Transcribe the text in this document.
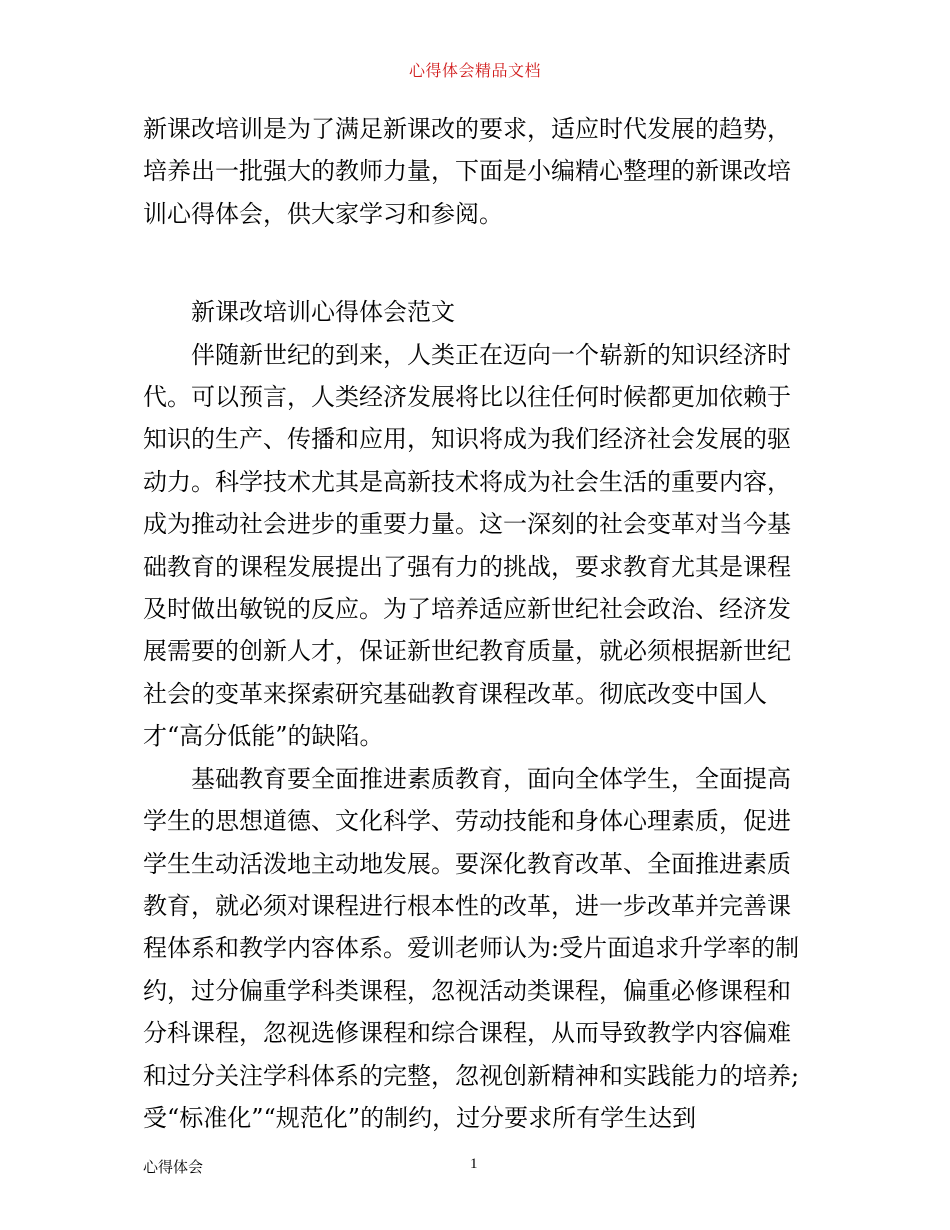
心得体会精品文档

新课改培训是为了满足新课改的要求，适应时代发展的趋势，培养出一批强大的教师力量，下面是小编精心整理的新课改培训心得体会，供大家学习和参阅。

新课改培训心得体会范文

伴随新世纪的到来，人类正在迈向一个崭新的知识经济时代。可以预言，人类经济发展将比以往任何时候都更加依赖于知识的生产、传播和应用，知识将成为我们经济社会发展的驱动力。科学技术尤其是高新技术将成为社会生活的重要内容，成为推动社会进步的重要力量。这一深刻的社会变革对当今基础教育的课程发展提出了强有力的挑战，要求教育尤其是课程及时做出敏锐的反应。为了培养适应新世纪社会政治、经济发展需要的创新人才，保证新世纪教育质量，就必须根据新世纪社会的变革来探索研究基础教育课程改革。彻底改变中国人才“高分低能”的缺陷。

基础教育要全面推进素质教育，面向全体学生，全面提高学生的思想道德、文化科学、劳动技能和身体心理素质，促进学生生动活泼地主动地发展。要深化教育改革、全面推进素质教育，就必须对课程进行根本性的改革，进一步改革并完善课程体系和教学内容体系。爱训老师认为:受片面追求升学率的制约，过分偏重学科类课程，忽视活动类课程，偏重必修课程和分科课程，忽视选修课程和综合课程，从而导致教学内容偏难和过分关注学科体系的完整，忽视创新精神和实践能力的培养;受“标准化”“规范化”的制约，过分要求所有学生达到

心得体会	1
